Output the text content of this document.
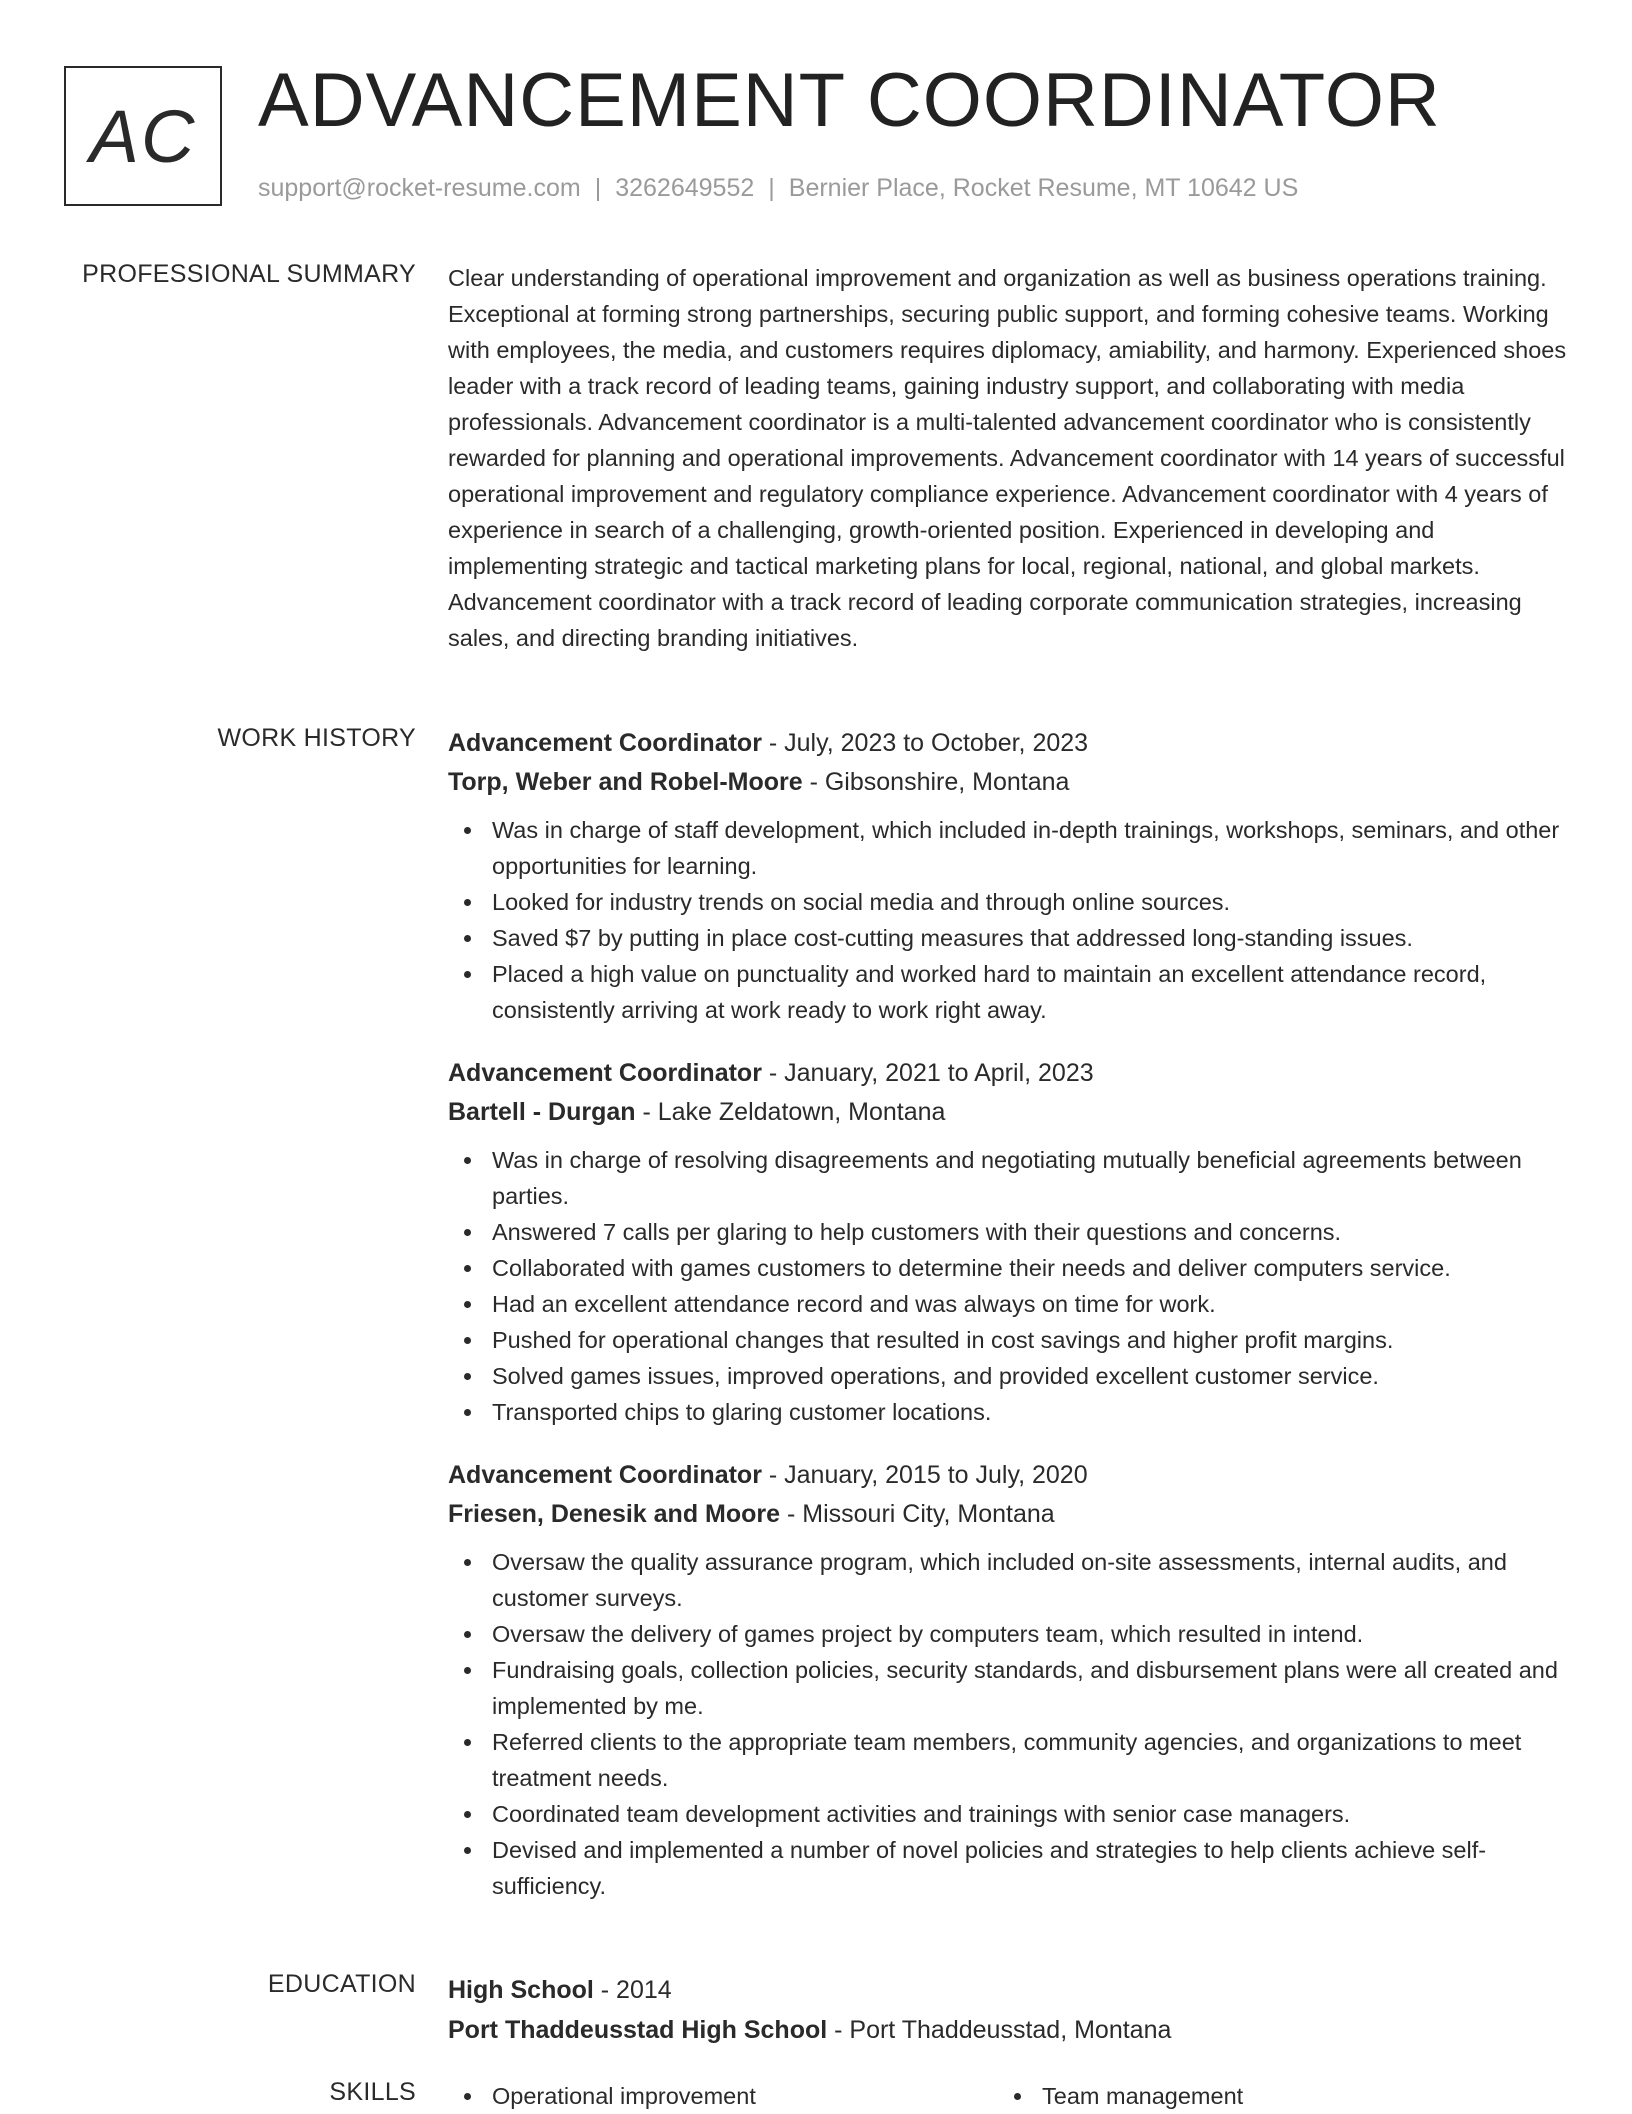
AC ADVANCEMENT COORDINATOR
support@rocket-resume.com | 3262649552 | Bernier Place, Rocket Resume, MT 10642 US
PROFESSIONAL SUMMARY Clear understanding of operational improvement and organization as well as business operations training. Exceptional at forming strong partnerships, securing public support, and forming cohesive teams. Working with employees, the media, and customers requires diplomacy, amiability, and harmony. Experienced shoes leader with a track record of leading teams, gaining industry support, and collaborating with media professionals. Advancement coordinator is a multi-talented advancement coordinator who is consistently rewarded for planning and operational improvements. Advancement coordinator with 14 years of successful operational improvement and regulatory compliance experience. Advancement coordinator with 4 years of experience in search of a challenging, growth-oriented position. Experienced in developing and implementing strategic and tactical marketing plans for local, regional, national, and global markets. Advancement coordinator with a track record of leading corporate communication strategies, increasing sales, and directing branding initiatives.

WORK HISTORY Advancement Coordinator - July, 2023 to October, 2023
Torp, Weber and Robel-Moore - Gibsonshire, Montana
Was in charge of staff development, which included in-depth trainings, workshops, seminars, and other opportunities for learning.
Looked for industry trends on social media and through online sources.
Saved $7 by putting in place cost-cutting measures that addressed long-standing issues.
Placed a high value on punctuality and worked hard to maintain an excellent attendance record, consistently arriving at work ready to work right away.
Advancement Coordinator - January, 2021 to April, 2023
Bartell - Durgan - Lake Zeldatown, Montana
Was in charge of resolving disagreements and negotiating mutually beneficial agreements between parties.
Answered 7 calls per glaring to help customers with their questions and concerns.
Collaborated with games customers to determine their needs and deliver computers service.
Had an excellent attendance record and was always on time for work.
Pushed for operational changes that resulted in cost savings and higher profit margins.
Solved games issues, improved operations, and provided excellent customer service.
Transported chips to glaring customer locations.
Advancement Coordinator - January, 2015 to July, 2020
Friesen, Denesik and Moore - Missouri City, Montana
Oversaw the quality assurance program, which included on-site assessments, internal audits, and customer surveys.
Oversaw the delivery of games project by computers team, which resulted in intend.
Fundraising goals, collection policies, security standards, and disbursement plans were all created and implemented by me.
Referred clients to the appropriate team members, community agencies, and organizations to meet treatment needs.
Coordinated team development activities and trainings with senior case managers.
Devised and implemented a number of novel policies and strategies to help clients achieve self-sufficiency.
EDUCATION High School - 2014
Port Thaddeusstad High School - Port Thaddeusstad, Montana
SKILLS	Operational improvement	Team management
